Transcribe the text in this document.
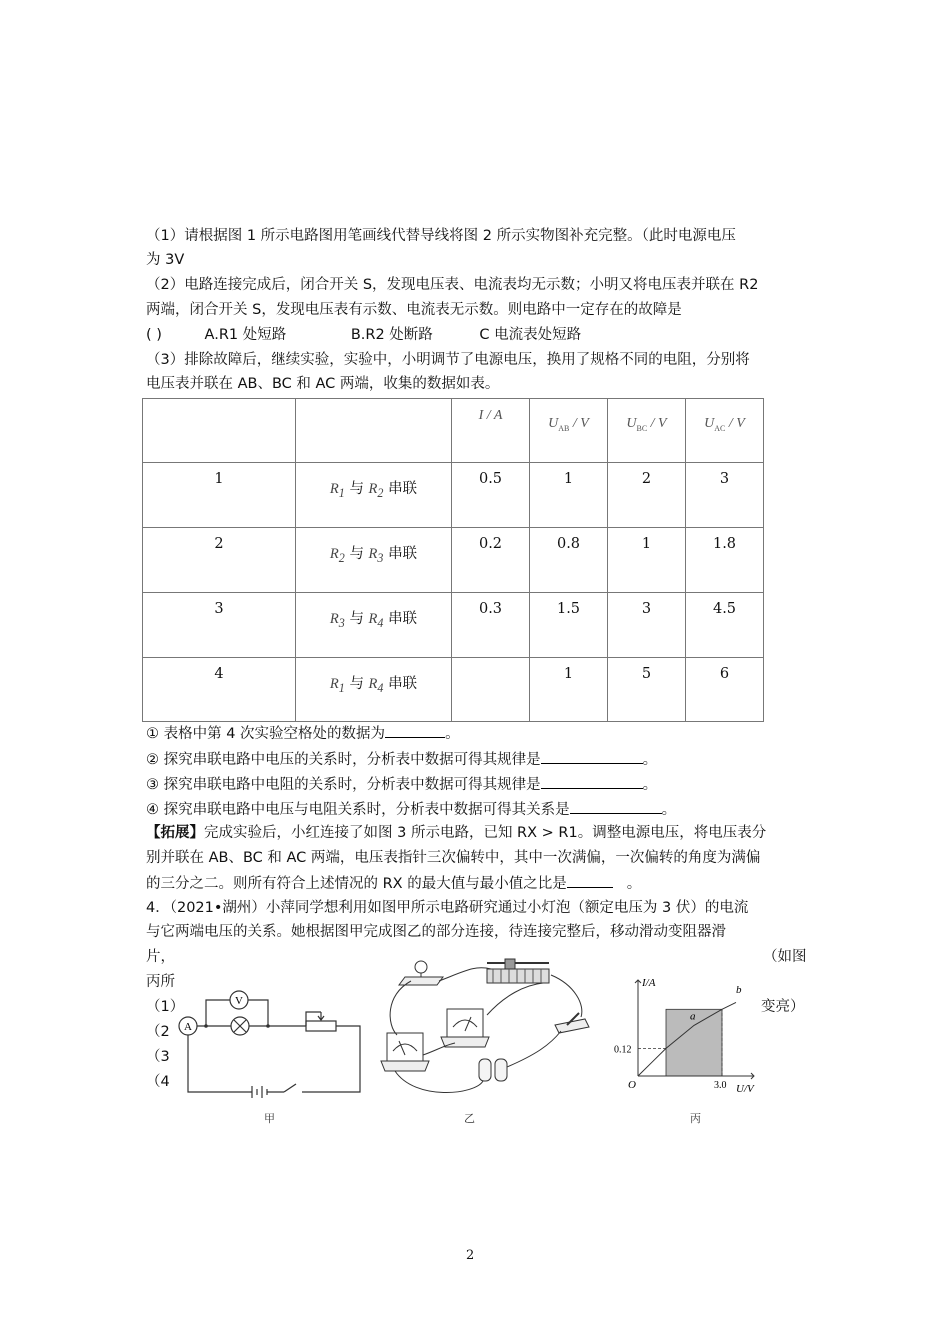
（1）请根据图 1 所示电路图用笔画线代替导线将图 2 所示实物图补充完整。（此时电源电压
为 3V
（2）电路连接完成后，闭合开关 S，发现电压表、电流表均无示数；小明又将电压表并联在 R2
两端，闭合开关 S，发现电压表有示数、电流表无示数。则电路中一定存在的故障是
( )	A.R1 处短路	B.R2 处断路	C 电流表处短路
（3）排除故障后，继续实验，实验中，小明调节了电源电压，换用了规格不同的电阻，分别将
电压表并联在 AB、BC 和 AC 两端，收集的数据如表。
		I / A	$U_{AB}$ / V	$U_{BC}$ / V	$U_{AC}$ / V
1	$R_1$ 与 $R_2$ 串联	0.5	1	2	3
2	$R_2$ 与 $R_3$ 串联	0.2	0.8	1	1.8
3	$R_3$ 与 $R_4$ 串联	0.3	1.5	3	4.5
4	$R_1$ 与 $R_4$ 串联		1	5	6
① 表格中第 4 次实验空格处的数据为	。
② 探究串联电路中电压的关系时，分析表中数据可得其规律是	。
③ 探究串联电路中电阻的关系时，分析表中数据可得其规律是	。
④ 探究串联电路中电压与电阻关系时，分析表中数据可得其关系是	。
【拓展】完成实验后，小红连接了如图 3 所示电路，已知 RX > R1。调整电源电压，将电压表分
别并联在 AB、BC 和 AC 两端，电压表指针三次偏转中，其中一次满偏，一次偏转的角度为满偏
的三分之二。则所有符合上述情况的 RX 的最大值与最小值之比是	。
4．（2021•湖州）小萍同学想利用如图甲所示电路研究通过小灯泡（额定电压为 3 伏）的电流
与它两端电压的关系。她根据图甲完成图乙的部分连接，待连接完整后，移动滑动变阻器滑
片，	（如图
丙所
（1）
（2
（3
（4
变亮）
V
A
甲	乙
I/A
U/V
O
0.12
3.0
a
b
丙
2
